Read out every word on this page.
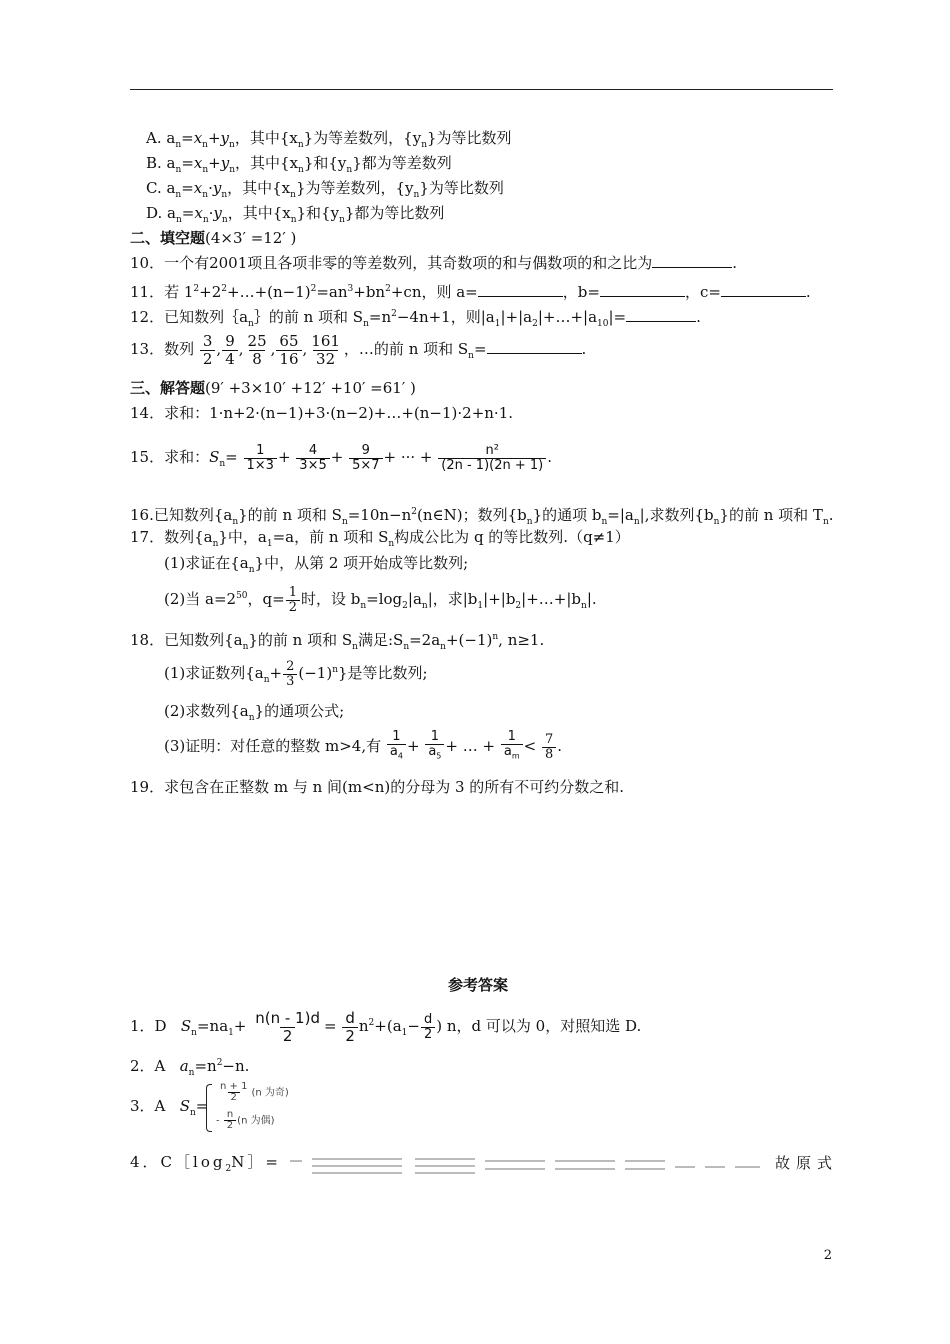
A. $a_n=x_n+y_n$，其中$\{x_n\}$为等差数列，$\{y_n\}$为等比数列
B. $a_n=x_n+y_n$，其中$\{x_n\}$和$\{y_n\}$都为等差数列
C. $a_n=x_n\cdot y_n$，其中$\{x_n\}$为等差数列，$\{y_n\}$为等比数列
D. $a_n=x_n\cdot y_n$，其中$\{x_n\}$和$\{y_n\}$都为等比数列
二、填空题(4×3′ =12′ )
10．一个有2001项且各项非零的等差数列，其奇数项的和与偶数项的和之比为	.
11．若 $1^2+2^2+\dots+(n-1)^2=an^3+bn^2+cn$，则 a=	，b=	，c=	.
12．已知数列$\{a_n\}$的前 n 项和 $S_n=n^2-4n+1$，则$|a_1|+|a_2|+\dots+|a_{10}|=$	.
13．数列 $\frac{3}{2}$ , $\frac{9}{4}$ , $\frac{25}{8}$ , $\frac{65}{16}$ , $\frac{161}{32}$ ，…的前 n 项和 $S_n=$	.
三、解答题(9′ +3×10′ +12′ +10′ =61′ )
14．求和：1·n+2·(n−1)+3·(n−2)+…+(n−1)·2+n·1.
15．求和：$S_n= \frac{1}{1\times 3} + \frac{4}{3\times 5} + \frac{9}{5\times 7}$ + ··· + $\frac{\text{n²}}{(2n - 1)(2n + 1)}$ .
16.已知数列$\{a_n\}$的前 n 项和 $S_n=10n-n^2(n\in N)$；数列$\{b_n\}$的通项 $b_n=|a_n|$,求数列$\{b_n\}$的前 n 项和 $T_n$.
17．数列$\{a_n\}$中，$a_1=a$，前 n 项和 $S_n$构成公比为 q 的等比数列.（q≠1）
(1)求证在$\{a_n\}$中，从第 2 项开始成等比数列;
(2)当 $a=2^{50}$，$q= \frac{1}{2}$ 时，设 $b_n=\log_2|a_n|$，求$|b_1|+|b_2|+\dots+|b_n|$.
18．已知数列$\{a_n\}$的前 n 项和 $S_n$满足$:S_n=2a_n+(-1)^n$, n≥1.
(1)求证数列$\{a_n+ \frac{2}{3} (-1)^n\}$是等比数列;
(2)求数列$\{a_n\}$的通项公式;
(3)证明：对任意的整数 m>4,有 $\frac{1}{a_4} + \frac{1}{a_5}$ + … + $\frac{1}{a_m} < \frac{7}{8}$ .
19．求包含在正整数 m 与 n 间(m<n)的分母为 3 的所有不可约分数之和.
参考答案
1．D $S_n=na_1+ \frac{n(n - 1)d}{2} = \frac{d}{2} n^2+(a_1- \frac{d}{2}$ ) n，d 可以为 0，对照知选 D.
2．A $a_n=n^2-n$.
3．A $S_n=$
$\frac{n + 1}{2} (n$ 为奇)
- $\frac{n}{2} (n$ 为偶)
4．$C[\log_2N]=$	故原式
2
